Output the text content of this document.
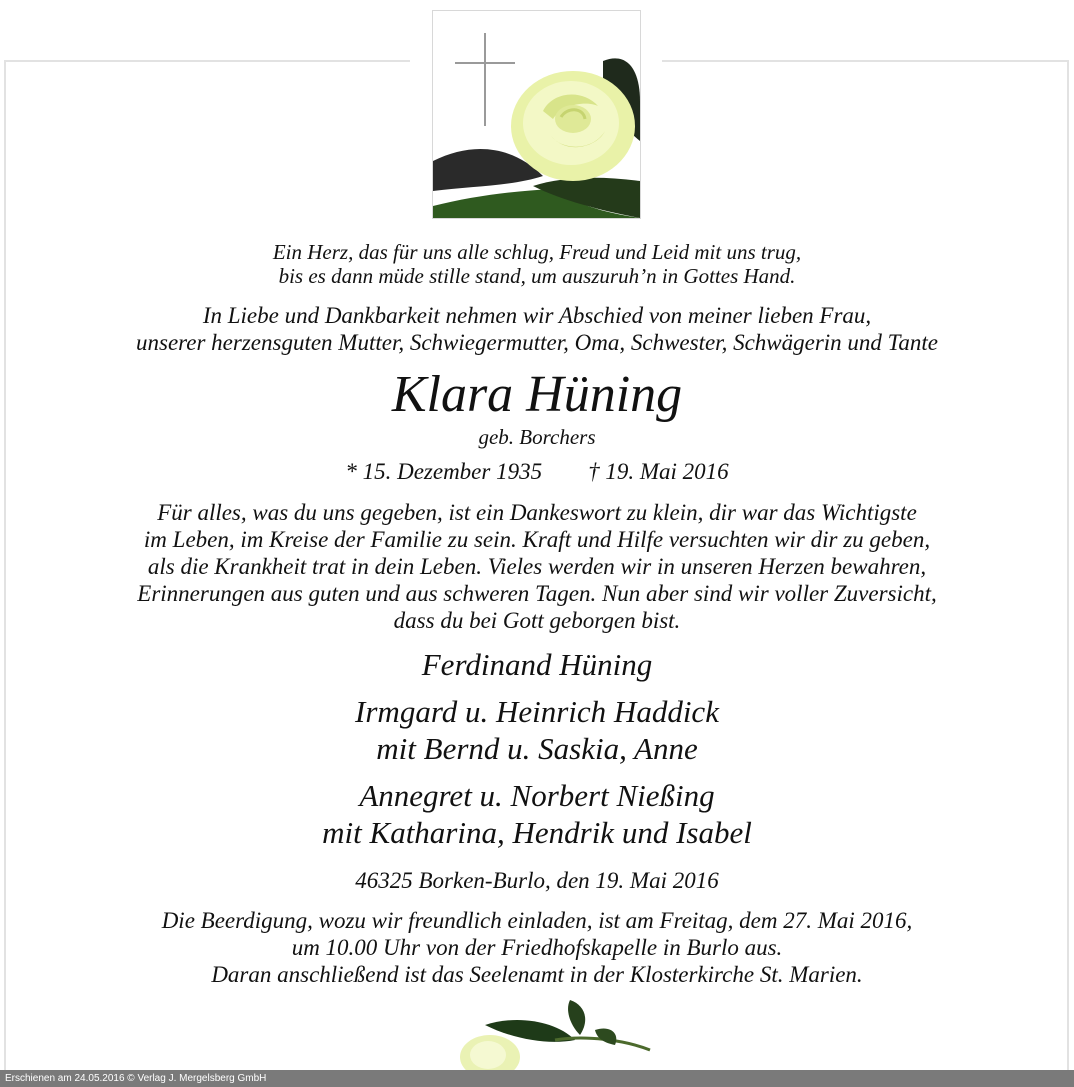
Ein Herz, das für uns alle schlug, Freud und Leid mit uns trug,
bis es dann müde stille stand, um auszuruh’n in Gottes Hand.
In Liebe und Dankbarkeit nehmen wir Abschied von meiner lieben Frau,
unserer herzensguten Mutter, Schwiegermutter, Oma, Schwester, Schwägerin und Tante
Klara Hüning
geb. Borchers
* 15. Dezember 1935 † 19. Mai 2016
Für alles, was du uns gegeben, ist ein Dankeswort zu klein, dir war das Wichtigste
im Leben, im Kreise der Familie zu sein. Kraft und Hilfe versuchten wir dir zu geben,
als die Krankheit trat in dein Leben. Vieles werden wir in unseren Herzen bewahren,
Erinnerungen aus guten und aus schweren Tagen. Nun aber sind wir voller Zuversicht,
dass du bei Gott geborgen bist.
Ferdinand Hüning
Irmgard u. Heinrich Haddick
mit Bernd u. Saskia, Anne
Annegret u. Norbert Nießing
mit Katharina, Hendrik und Isabel
46325 Borken-Burlo, den 19. Mai 2016
Die Beerdigung, wozu wir freundlich einladen, ist am Freitag, dem 27. Mai 2016,
um 10.00 Uhr von der Friedhofskapelle in Burlo aus.
Daran anschließend ist das Seelenamt in der Klosterkirche St. Marien.
Erschienen am 24.05.2016 © Verlag J. Mergelsberg GmbH
